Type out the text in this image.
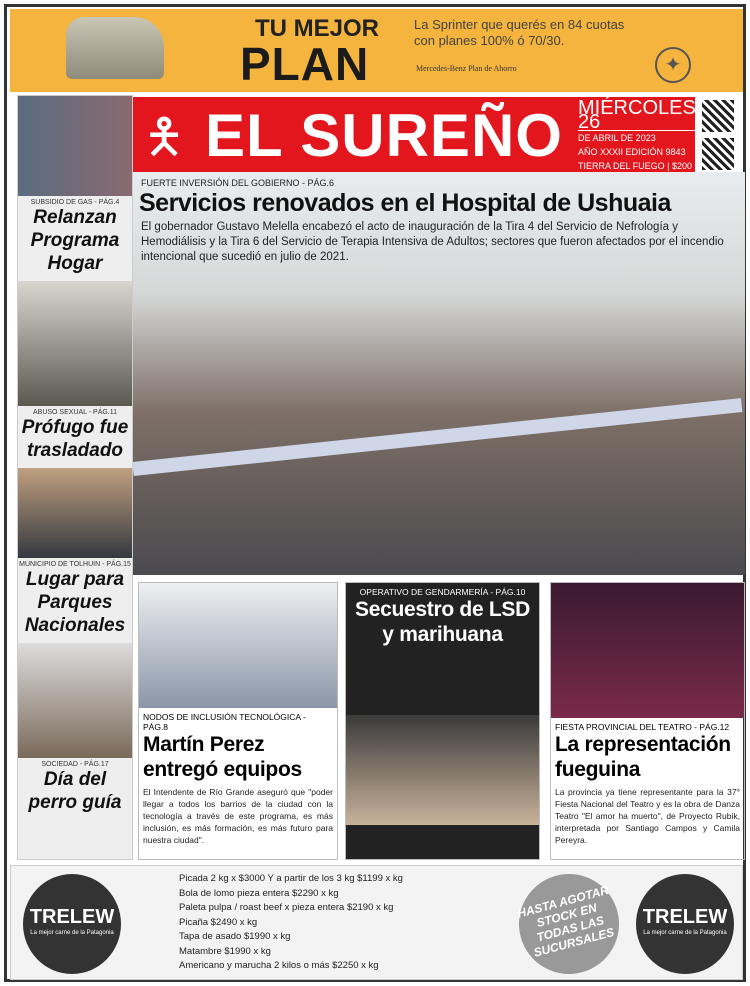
TU MEJOR
PLAN
La Sprinter que querés en 84 cuotas con planes 100% ó 70/30.
Mercedes-Benz Plan de Ahorro	✦
SUBSIDIO DE GAS - PÁG.4
Relanzan Programa Hogar
ABUSO SEXUAL - PÁG.11
Prófugo fue trasladado
MUNICIPIO DE TOLHUIN - PÁG.15
Lugar para Parques Nacionales
SOCIEDAD - PÁG.17
Día del perro guía
🯅 EL SUREÑO MIÉRCOLES 26
DE ABRIL DE 2023
AÑO XXXII EDICIÓN 9843
TIERRA DEL FUEGO | $200
FUERTE INVERSIÓN DEL GOBIERNO - PÁG.6
Servicios renovados en el Hospital de Ushuaia
El gobernador Gustavo Melella encabezó el acto de inauguración de la Tira 4 del Servicio de Nefrología y Hemodiálisis y la Tira 6 del Servicio de Terapia Intensiva de Adultos; sectores que fueron afectados por el incendio intencional que sucedió en julio de 2021.
NODOS DE INCLUSIÓN TECNOLÓGICA - PÁG.8
Martín Perez entregó equipos
El Intendente de Río Grande aseguró que "poder llegar a todos los barrios de la ciudad con la tecnología a través de este programa, es más inclusión, es más formación, es más futuro para nuestra ciudad".
OPERATIVO DE GENDARMERÍA - PÁG.10
Secuestro de LSD y marihuana
El conductor de un auto y su acompañante quedaron supeditados a una causa por tenencia de estupefacientes. Gendarmes hallaron droga sintética y marihuana distribuida en el interior de una billetera y en una mochila.
FIESTA PROVINCIAL DEL TEATRO - PÁG.12
La representación fueguina
La provincia ya tiene representante para la 37° Fiesta Nacional del Teatro y es la obra de Danza Teatro "El amor ha muerto", de Proyecto Rubik, interpretada por Santiago Campos y Camila Pereyra.
TRELEW
La mejor carne de la Patagonia
Picada 2 kg x $3000 Y a partir de los 3 kg $1199 x kg
Bola de lomo pieza entera $2290 x kg
Paleta pulpa / roast beef x pieza entera $2190 x kg
Picaña $2490 x kg
Tapa de asado $1990 x kg
Matambre $1990 x kg
Americano y marucha 2 kilos o más $2250 x kg
HASTA AGOTAR STOCK EN TODAS LAS SUCURSALES
TRELEW
La mejor carne de la Patagonia
